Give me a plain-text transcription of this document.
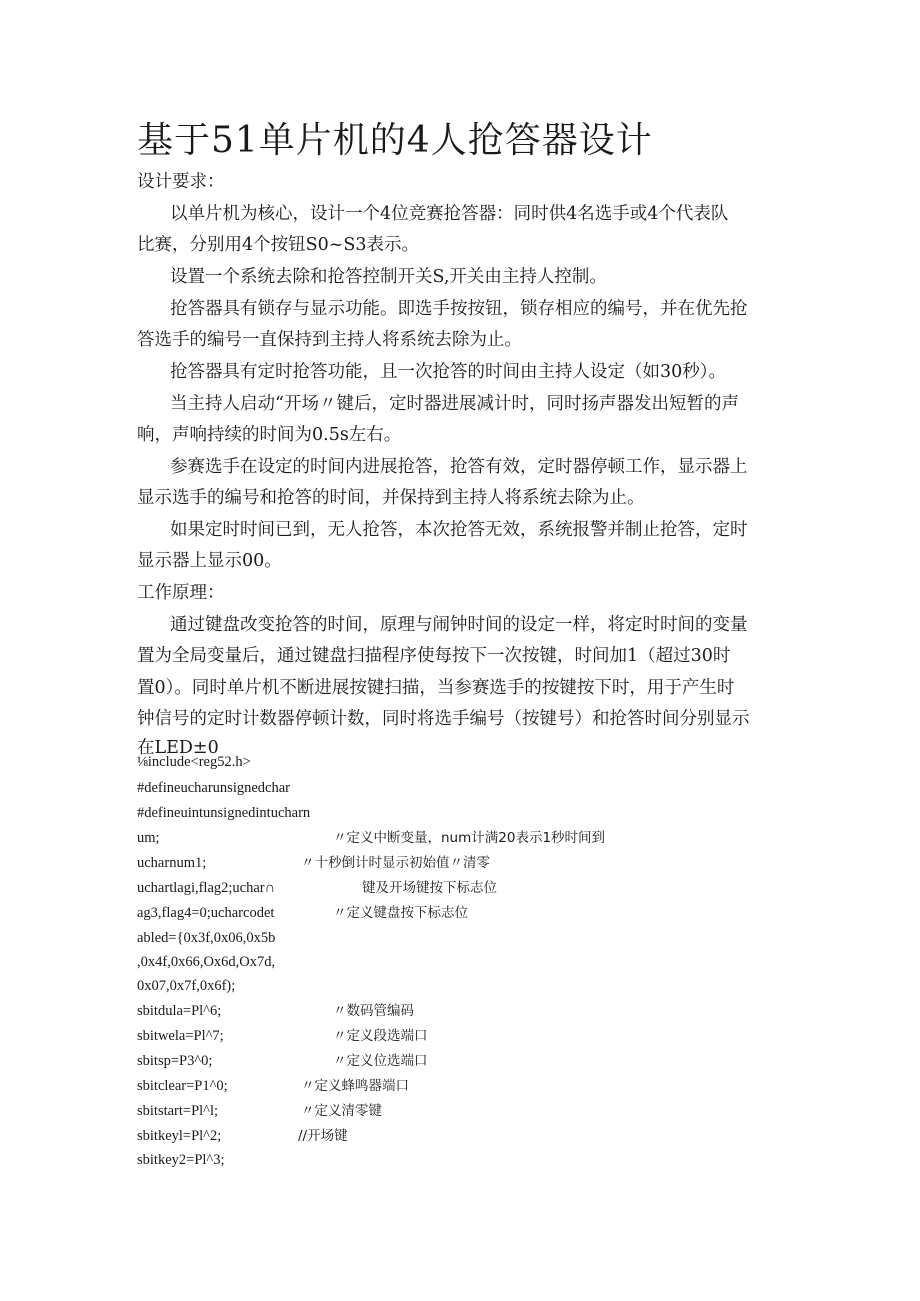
基于51单片机的4人抢答器设计
设计要求：
以单片机为核心，设计一个4位竞赛抢答器：同时供4名选手或4个代表队
比赛，分别用4个按钮S0~S3表示。
设置一个系统去除和抢答控制开关S,开关由主持人控制。
抢答器具有锁存与显示功能。即选手按按钮，锁存相应的编号，并在优先抢
答选手的编号一直保持到主持人将系统去除为止。
抢答器具有定时抢答功能，且一次抢答的时间由主持人设定（如30秒）。
当主持人启动“开场〃键后，定时器进展减计时，同时扬声器发出短暂的声
响，声响持续的时间为0.5s左右。
参赛选手在设定的时间内进展抢答，抢答有效，定时器停顿工作，显示器上
显示选手的编号和抢答的时间，并保持到主持人将系统去除为止。
如果定时时间已到，无人抢答，本次抢答无效，系统报警并制止抢答，定时
显示器上显示00。
工作原理：
通过键盘改变抢答的时间，原理与闹钟时间的设定一样，将定时时间的变量
置为全局变量后，通过键盘扫描程序使每按下一次按键，时间加1（超过30时
置0）。同时单片机不断进展按键扫描，当参赛选手的按键按下时，用于产生时
钟信号的定时计数器停顿计数，同时将选手编号（按键号）和抢答时间分别显示
在LED±0
⅛include<reg52.h>
#defineucharunsignedchar
#defineuintunsignedintucharn
um;
ucharnum1;
uchartlagi,flag2;uchar∩
ag3,flag4=0;ucharcodet
abled={0x3f,0x06,0x5b
,0x4f,0x66,Ox6d,Ox7d,
0x07,0x7f,0x6f);
sbitdula=Pl^6;
sbitwela=Pl^7;
sbitsp=P3^0;
sbitclear=P1^0;
sbitstart=Pl^l;
sbitkeyl=Pl^2;
sbitkey2=Pl^3;
〃定义中断变量，num计满20表示1秒时间到
〃十秒倒计时显示初始值〃清零
键及开场键按下标志位
〃定义键盘按下标志位
〃数码管编码
〃定义段选端口
〃定义位选端口
〃定义蜂鸣器端口
〃定义清零键
//开场键
